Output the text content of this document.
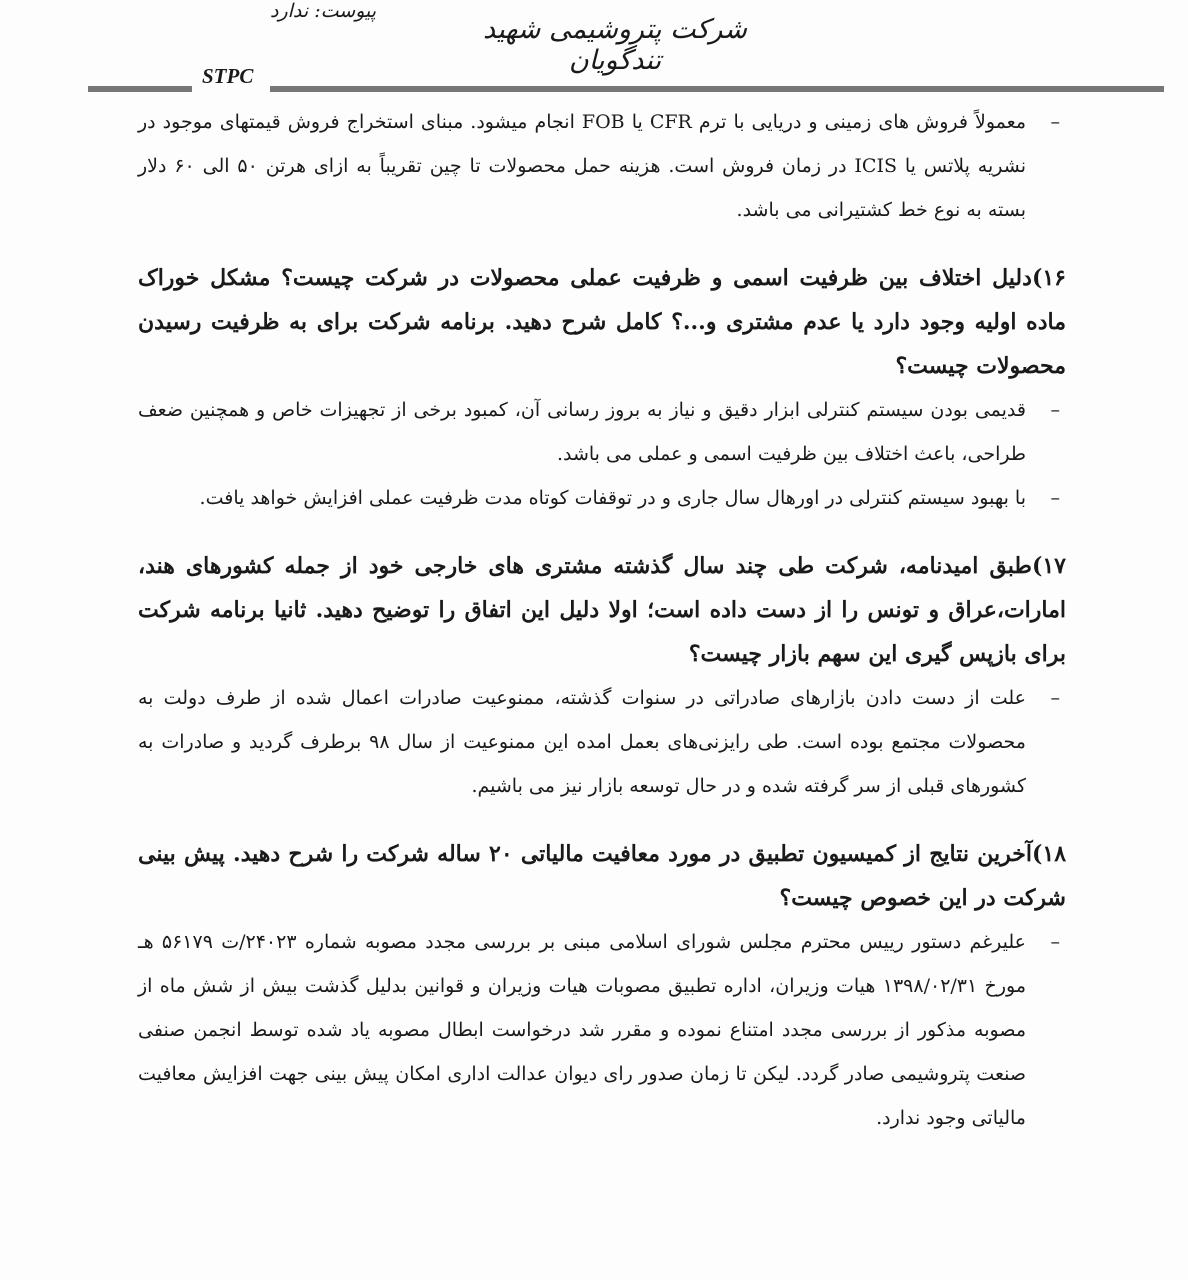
پیوست: ندارد
شرکت پتروشیمی شهید تندگویان
STPC
–
معمولاً فروش های زمینی و دریایی با ترم CFR یا FOB انجام میشود. مبنای استخراج فروش قیمتهای موجود در نشریه پلاتس یا ICIS در زمان فروش است. هزینه حمل محصولات تا چین تقریباً به ازای هرتن ۵۰ الی ۶۰ دلار بسته به نوع خط کشتیرانی می باشد.
۱۶)دلیل اختلاف بین ظرفیت اسمی و ظرفیت عملی محصولات در شرکت چیست؟ مشکل خوراک ماده اولیه وجود دارد یا عدم مشتری و...؟ کامل شرح دهید. برنامه شرکت برای به ظرفیت رسیدن محصولات چیست؟
–
قدیمی بودن سیستم کنترلی ابزار دقیق و نیاز به بروز رسانی آن، کمبود برخی از تجهیزات خاص و همچنین ضعف طراحی، باعث اختلاف بین ظرفیت اسمی و عملی می باشد.
–
با بهبود سیستم کنترلی در اورهال سال جاری و در توقفات کوتاه مدت ظرفیت عملی افزایش خواهد یافت.
۱۷)طبق امیدنامه، شرکت طی چند سال گذشته مشتری های خارجی خود از جمله کشورهای هند، امارات،عراق و تونس را از دست داده است؛ اولا دلیل این اتفاق را توضیح دهید. ثانیا برنامه شرکت برای بازپس گیری این سهم بازار چیست؟
–
علت از دست دادن بازارهای صادراتی در سنوات گذشته، ممنوعیت صادرات اعمال شده از طرف دولت به محصولات مجتمع بوده است. طی رایزنی‌های بعمل امده این ممنوعیت از سال ۹۸ برطرف گردید و صادرات به کشورهای قبلی از سر گرفته شده و در حال توسعه بازار نیز می باشیم.
۱۸)آخرین نتایج از کمیسیون تطبیق در مورد معافیت مالیاتی ۲۰ ساله شرکت را شرح دهید. پیش بینی شرکت در این خصوص چیست؟
–
علیرغم دستور رییس محترم مجلس شورای اسلامی مبنی بر بررسی مجدد مصوبه شماره ۲۴۰۲۳/ت ۵۶۱۷۹ هـ مورخ ۱۳۹۸/۰۲/۳۱ هیات وزیران، اداره تطبیق مصوبات هیات وزیران و قوانین بدلیل گذشت بیش از شش ماه از مصوبه مذکور از بررسی مجدد امتناع نموده و مقرر شد درخواست ابطال مصوبه یاد شده توسط انجمن صنفی صنعت پتروشیمی صادر گردد. لیکن تا زمان صدور رای دیوان عدالت اداری امکان پیش بینی جهت افزایش معافیت مالیاتی وجود ندارد.
